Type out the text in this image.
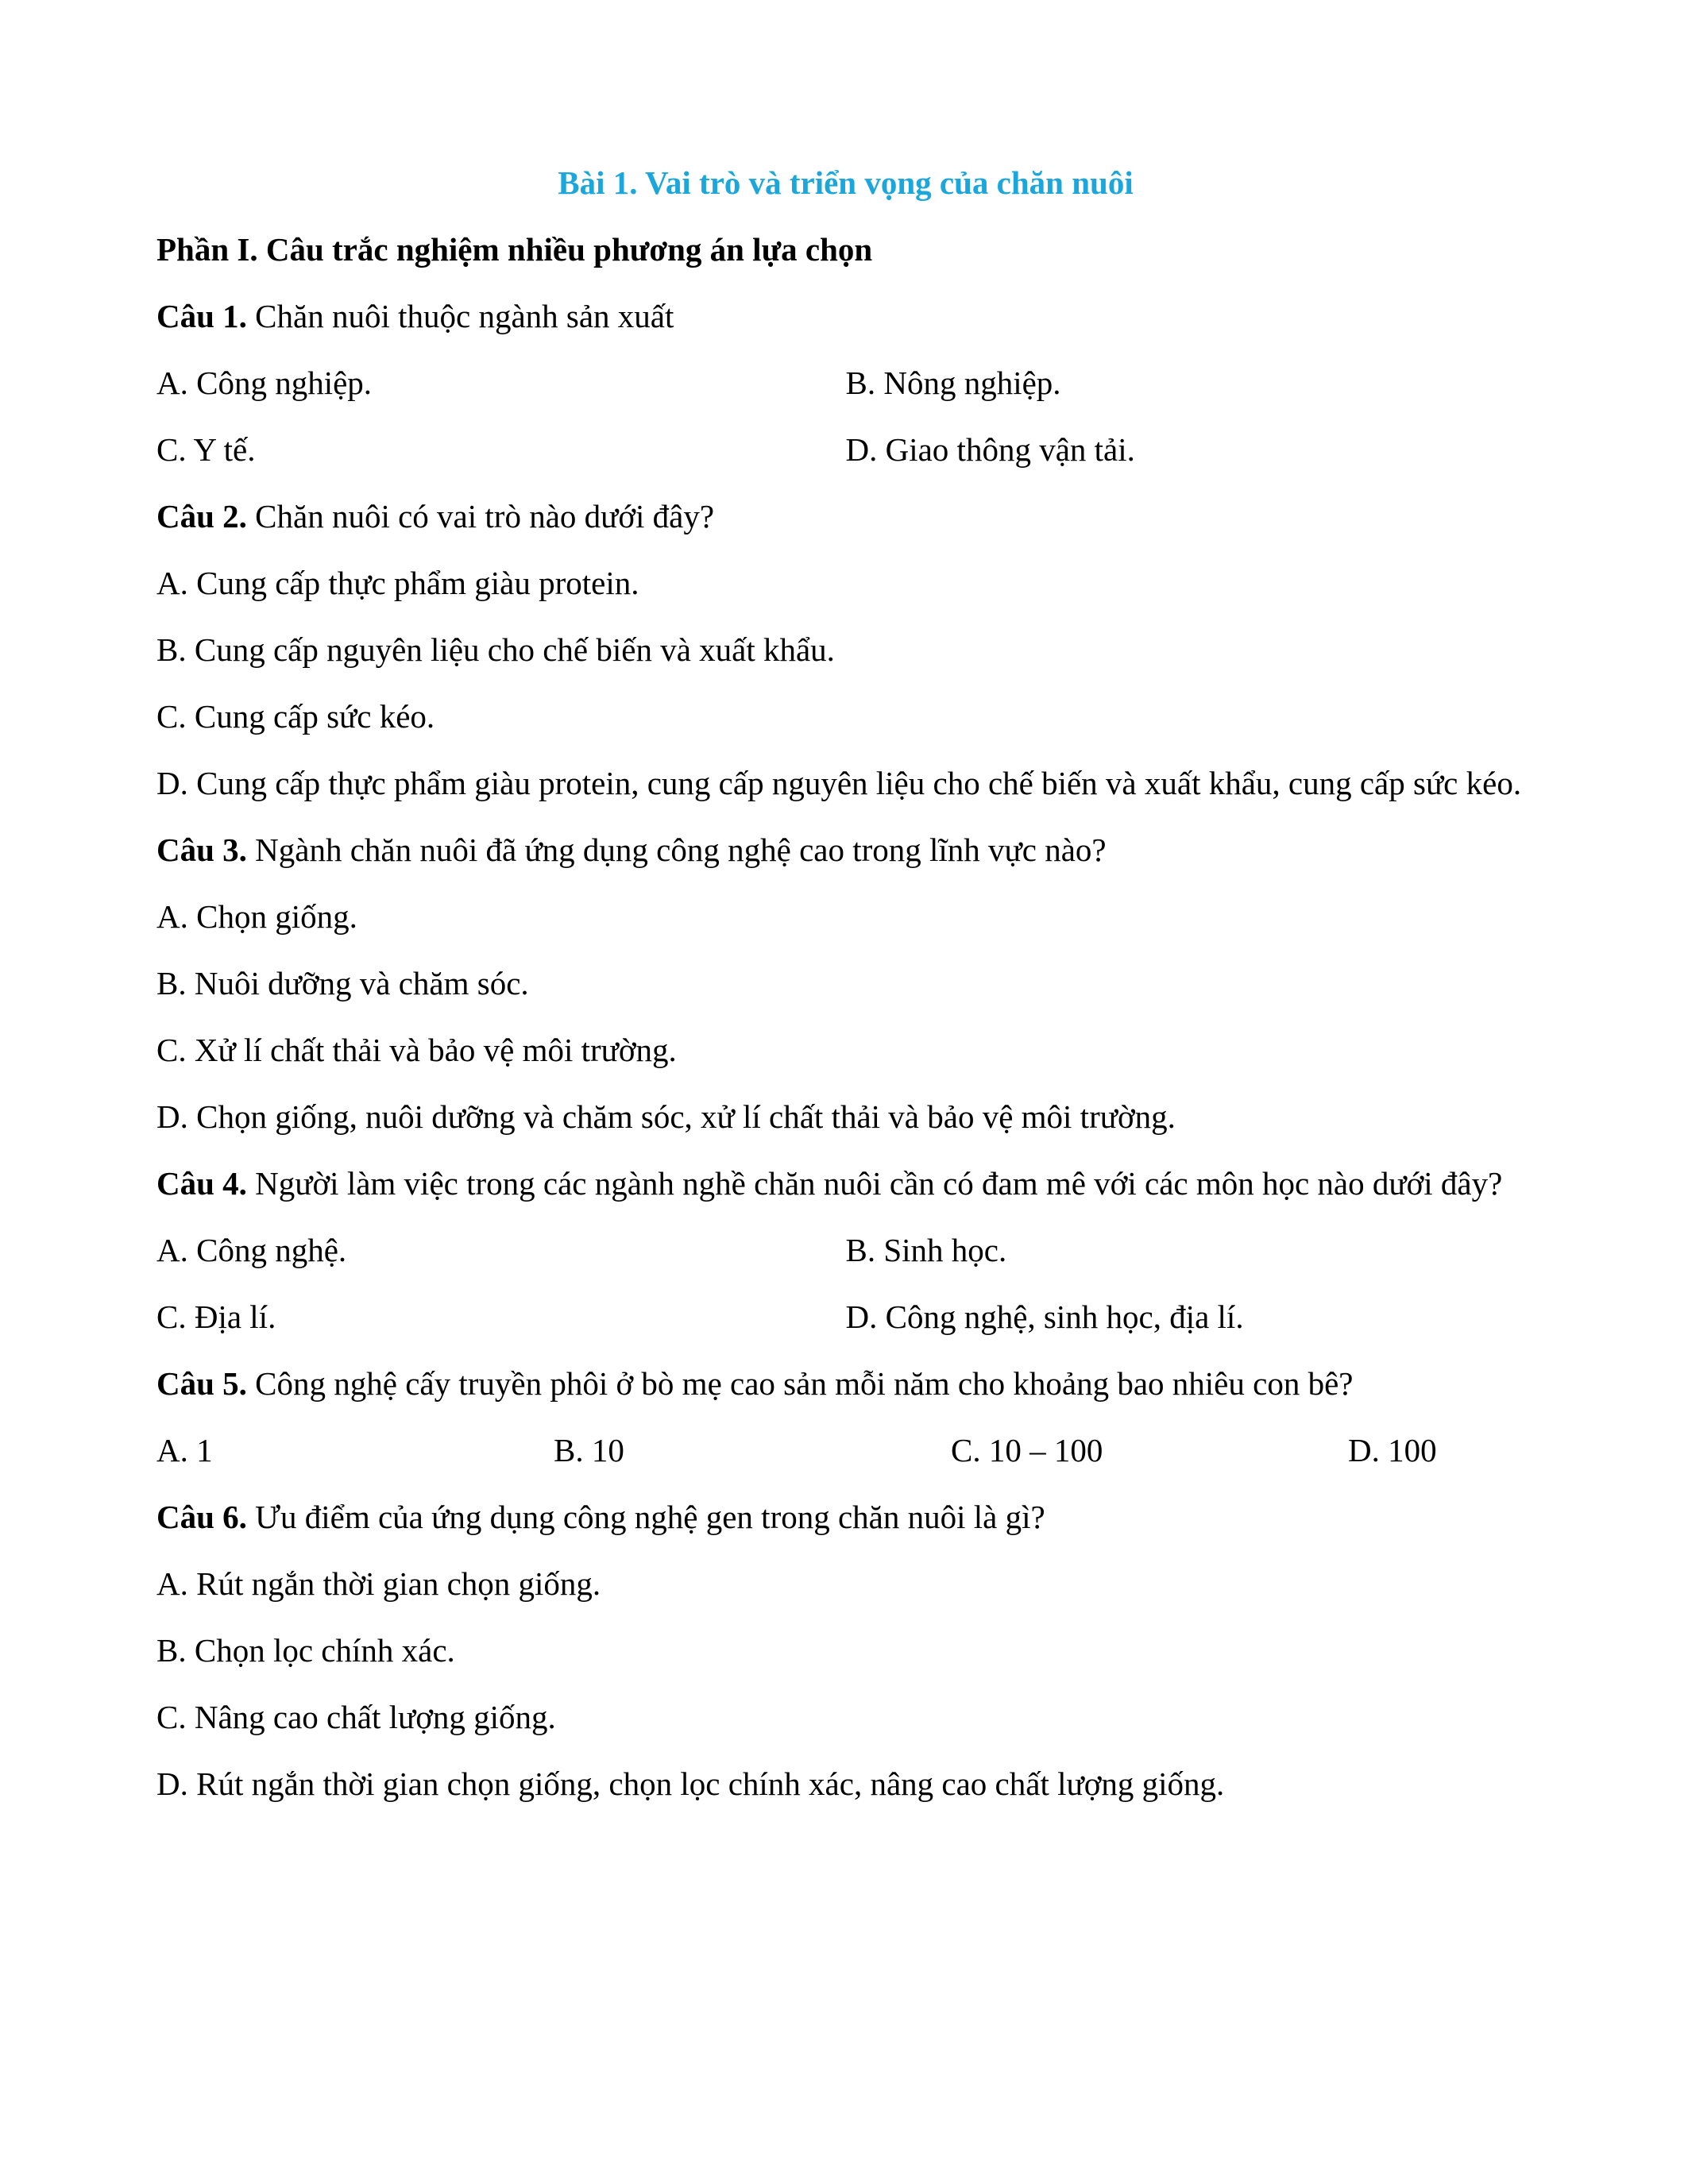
Bài 1. Vai trò và triển vọng của chăn nuôi
Phần I. Câu trắc nghiệm nhiều phương án lựa chọn
Câu 1. Chăn nuôi thuộc ngành sản xuất
A. Công nghiệp.	B. Nông nghiệp.
C. Y tế.	D. Giao thông vận tải.
Câu 2. Chăn nuôi có vai trò nào dưới đây?
A. Cung cấp thực phẩm giàu protein.
B. Cung cấp nguyên liệu cho chế biến và xuất khẩu.
C. Cung cấp sức kéo.
D. Cung cấp thực phẩm giàu protein, cung cấp nguyên liệu cho chế biến và xuất khẩu, cung cấp sức kéo.
Câu 3. Ngành chăn nuôi đã ứng dụng công nghệ cao trong lĩnh vực nào?
A. Chọn giống.
B. Nuôi dưỡng và chăm sóc.
C. Xử lí chất thải và bảo vệ môi trường.
D. Chọn giống, nuôi dưỡng và chăm sóc, xử lí chất thải và bảo vệ môi trường.
Câu 4. Người làm việc trong các ngành nghề chăn nuôi cần có đam mê với các môn học nào dưới đây?
A. Công nghệ.	B. Sinh học.
C. Địa lí.	D. Công nghệ, sinh học, địa lí.
Câu 5. Công nghệ cấy truyền phôi ở bò mẹ cao sản mỗi năm cho khoảng bao nhiêu con bê?
A. 1	B. 10	C. 10 – 100	D. 100
Câu 6. Ưu điểm của ứng dụng công nghệ gen trong chăn nuôi là gì?
A. Rút ngắn thời gian chọn giống.
B. Chọn lọc chính xác.
C. Nâng cao chất lượng giống.
D. Rút ngắn thời gian chọn giống, chọn lọc chính xác, nâng cao chất lượng giống.
